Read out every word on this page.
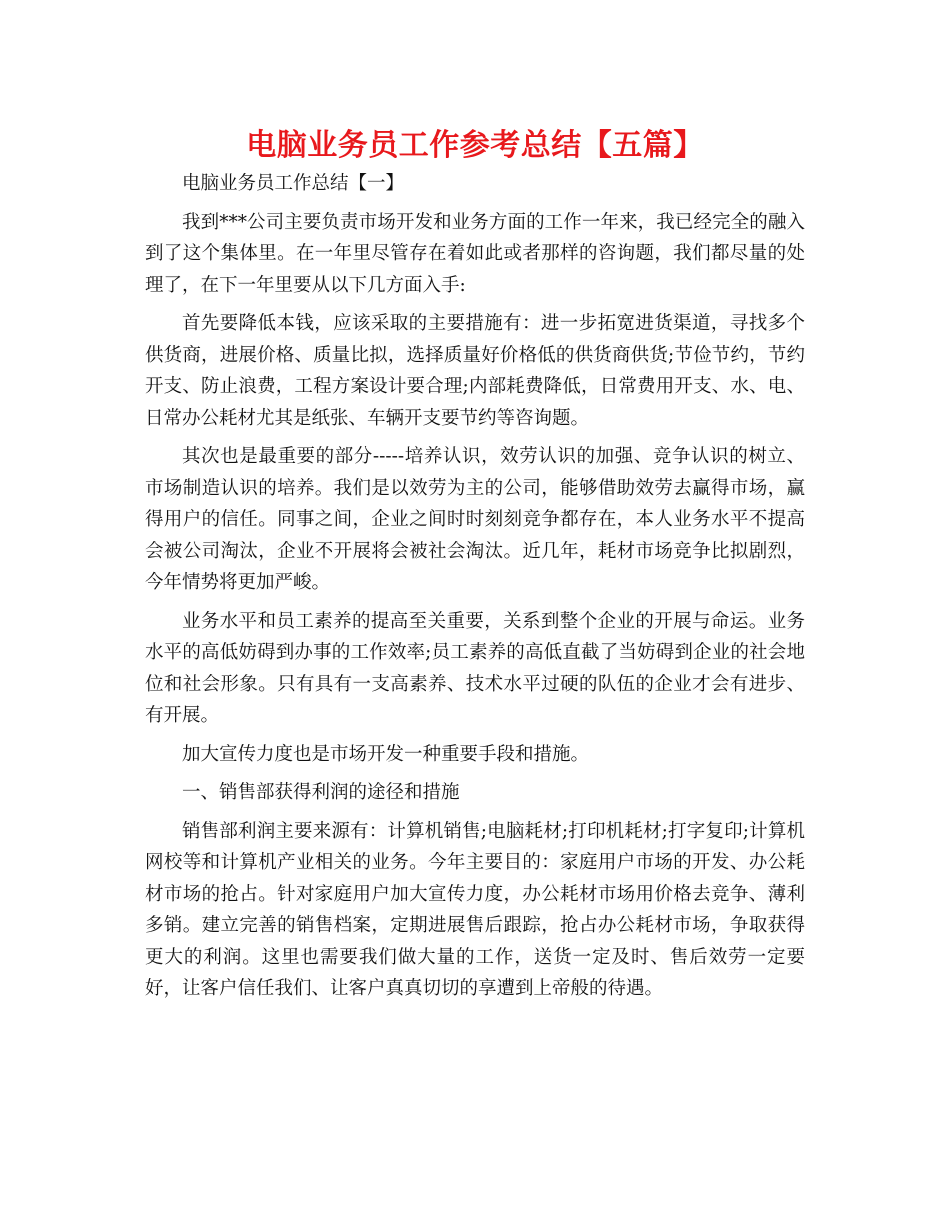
电脑业务员工作参考总结【五篇】

电脑业务员工作总结【一】

我到***公司主要负责市场开发和业务方面的工作一年来，我已经完全的融入到了这个集体里。在一年里尽管存在着如此或者那样的咨询题，我们都尽量的处理了，在下一年里要从以下几方面入手:

首先要降低本钱，应该采取的主要措施有：进一步拓宽进货渠道，寻找多个供货商，进展价格、质量比拟，选择质量好价格低的供货商供货;节俭节约，节约开支、防止浪费，工程方案设计要合理;内部耗费降低，日常费用开支、水、电、日常办公耗材尤其是纸张、车辆开支要节约等咨询题。

其次也是最重要的部分-----培养认识，效劳认识的加强、竞争认识的树立、市场制造认识的培养。我们是以效劳为主的公司，能够借助效劳去赢得市场，赢得用户的信任。同事之间，企业之间时时刻刻竞争都存在，本人业务水平不提高会被公司淘汰，企业不开展将会被社会淘汰。近几年，耗材市场竞争比拟剧烈，今年情势将更加严峻。

业务水平和员工素养的提高至关重要，关系到整个企业的开展与命运。业务水平的高低妨碍到办事的工作效率;员工素养的高低直截了当妨碍到企业的社会地位和社会形象。只有具有一支高素养、技术水平过硬的队伍的企业才会有进步、有开展。

加大宣传力度也是市场开发一种重要手段和措施。

一、销售部获得利润的途径和措施

销售部利润主要来源有：计算机销售;电脑耗材;打印机耗材;打字复印;计算机网校等和计算机产业相关的业务。今年主要目的：家庭用户市场的开发、办公耗材市场的抢占。针对家庭用户加大宣传力度，办公耗材市场用价格去竞争、薄利多销。建立完善的销售档案，定期进展售后跟踪，抢占办公耗材市场，争取获得更大的利润。这里也需要我们做大量的工作，送货一定及时、售后效劳一定要好，让客户信任我们、让客户真真切切的享遭到上帝般的待遇。
